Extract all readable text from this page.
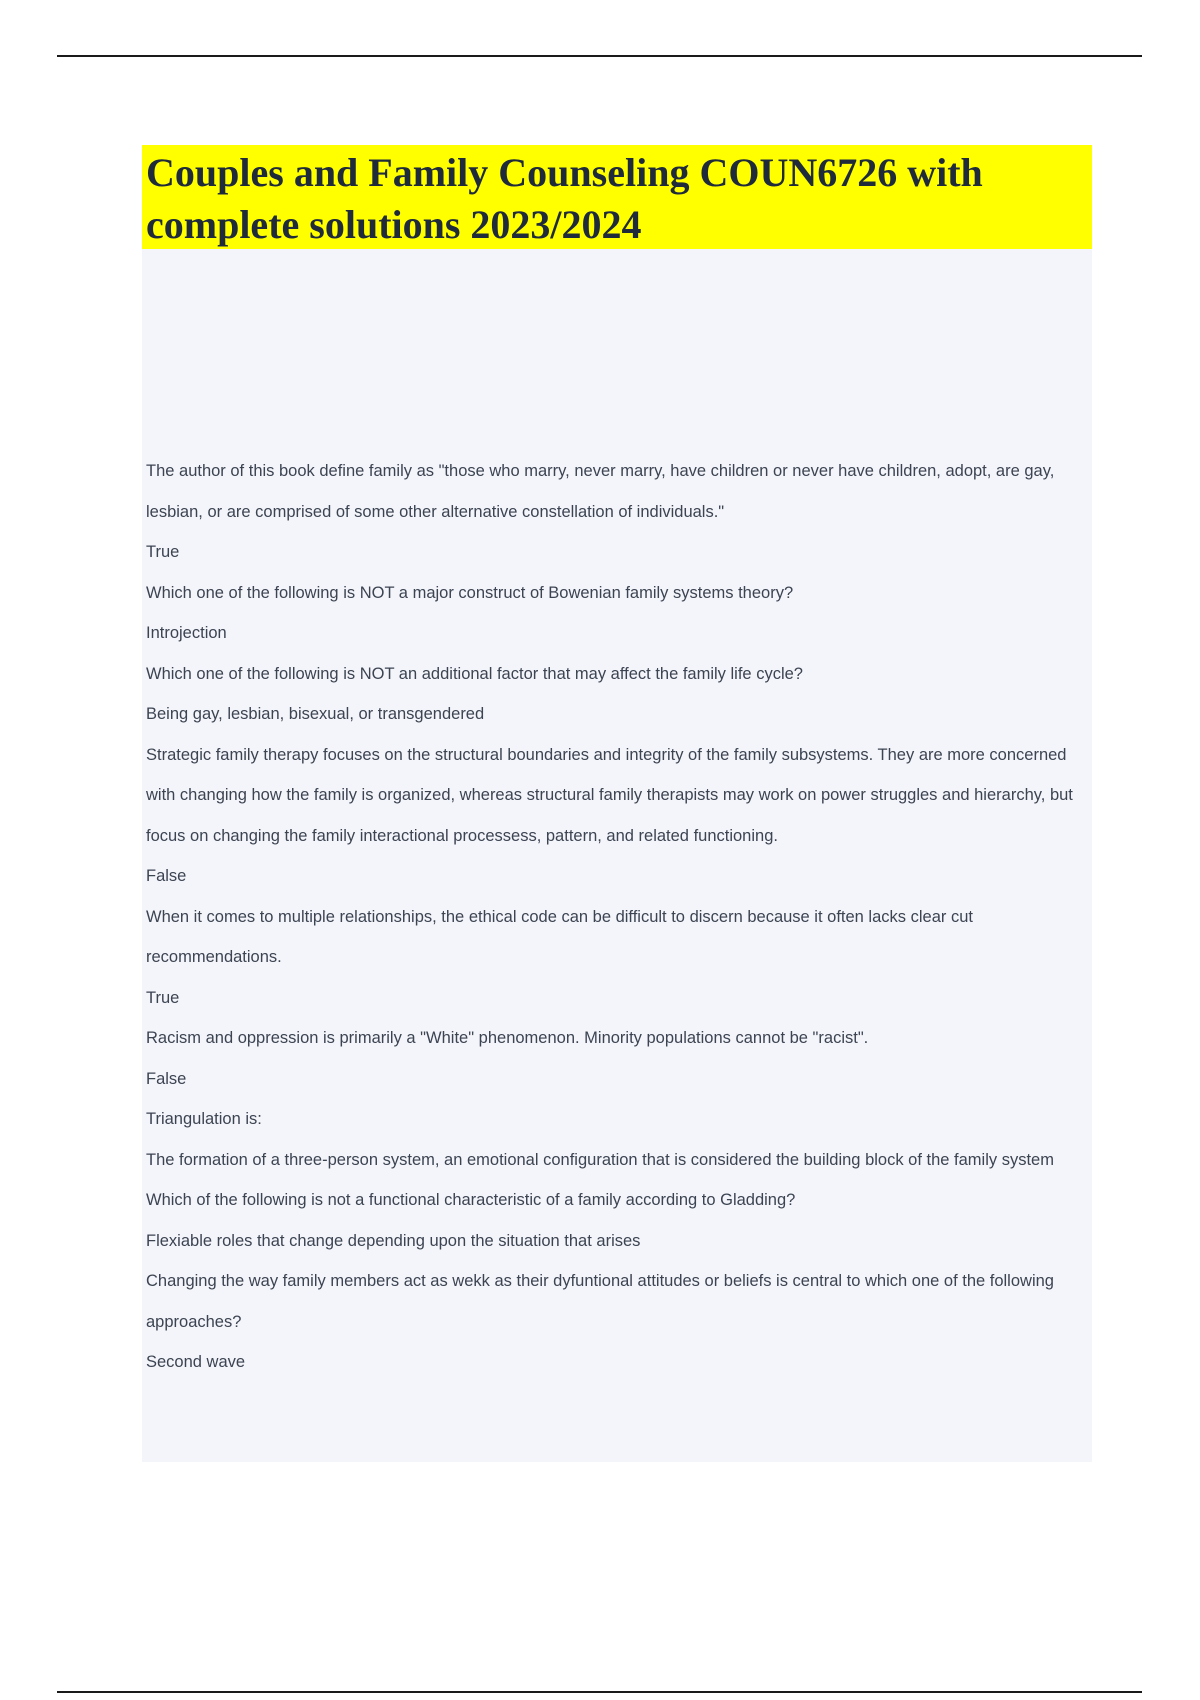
Couples and Family Counseling COUN6726 with complete solutions 2023/2024
The author of this book define family as "those who marry, never marry, have children or never have children, adopt, are gay, lesbian, or are comprised of some other alternative constellation of individuals."
True
Which one of the following is NOT a major construct of Bowenian family systems theory?
Introjection
Which one of the following is NOT an additional factor that may affect the family life cycle?
Being gay, lesbian, bisexual, or transgendered
Strategic family therapy focuses on the structural boundaries and integrity of the family subsystems. They are more concerned with changing how the family is organized, whereas structural family therapists may work on power struggles and hierarchy, but focus on changing the family interactional processess, pattern, and related functioning.
False
When it comes to multiple relationships, the ethical code can be difficult to discern because it often lacks clear cut recommendations.
True
Racism and oppression is primarily a "White" phenomenon. Minority populations cannot be "racist".
False
Triangulation is:
The formation of a three-person system, an emotional configuration that is considered the building block of the family system
Which of the following is not a functional characteristic of a family according to Gladding?
Flexiable roles that change depending upon the situation that arises
Changing the way family members act as wekk as their dyfuntional attitudes or beliefs is central to which one of the following approaches?
Second wave
